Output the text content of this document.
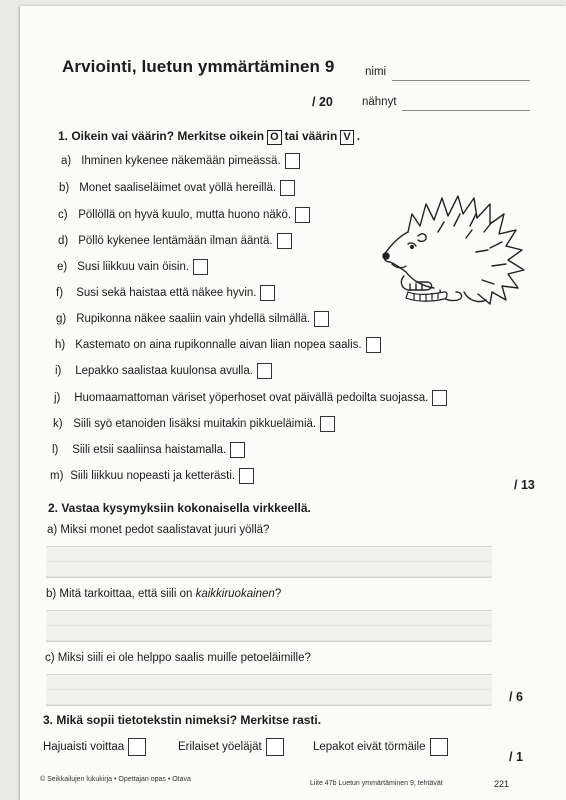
Arviointi, luetun ymmärtäminen 9	nimi
/ 20	nähnyt
1. Oikein vai väärin? Merkitse oikein O tai väärin V .
a) Ihminen kykenee näkemään pimeässä.
b) Monet saaliseläimet ovat yöllä hereillä.
c) Pöllöllä on hyvä kuulo, mutta huono näkö.
d) Pöllö kykenee lentämään ilman ääntä.
e) Susi liikkuu vain öisin.
f) Susi sekä haistaa että näkee hyvin.
g) Rupikonna näkee saaliin vain yhdellä silmällä.
h) Kastemato on aina rupikonnalle aivan liian nopea saalis.
i) Lepakko saalistaa kuulonsa avulla.
j) Huomaamattoman väriset yöperhoset ovat päivällä pedoilta suojassa.
k) Siili syö etanoiden lisäksi muitakin pikkueläimiä.
l) Siili etsii saaliinsa haistamalla.
m) Siili liikkuu nopeasti ja ketterästi.
/ 13
2. Vastaa kysymyksiin kokonaisella virkkeellä.
a) Miksi monet pedot saalistavat juuri yöllä?
b) Mitä tarkoittaa, että siili on kaikkiruokainen?
c) Miksi siili ei ole helppo saalis muille petoeläimille?
/ 6
3. Mikä sopii tietotekstin nimeksi? Merkitse rasti.
Hajuaisti voittaa	Erilaiset yöeläjät	Lepakot eivät törmäile
/ 1
© Seikkailujen lukukirja • Opettajan opas • Otava
Liite 47b Luetun ymmärtäminen 9, tehtävät	221
